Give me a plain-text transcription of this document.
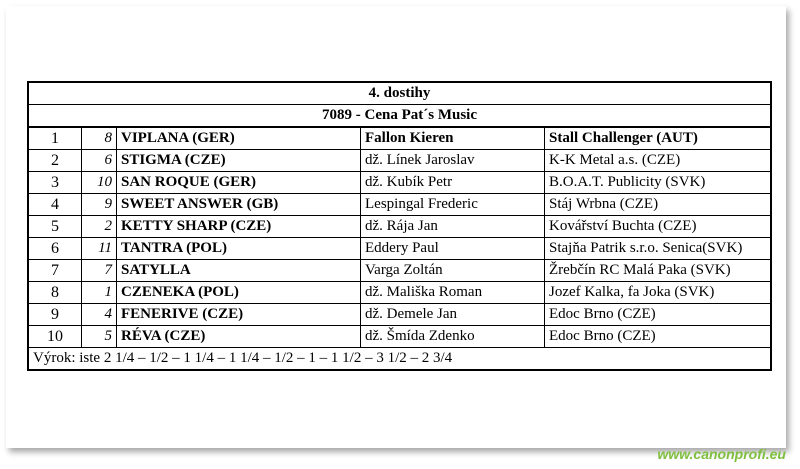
4. dostihy				
7089 - Cena Pat´s Music				
1	8	VIPLANA (GER)	Fallon Kieren	Stall Challenger (AUT)
2	6	STIGMA (CZE)	dž. Línek Jaroslav	K-K Metal a.s. (CZE)
3	10	SAN ROQUE (GER)	dž. Kubík Petr	B.O.A.T. Publicity (SVK)
4	9	SWEET ANSWER (GB)	Lespingal Frederic	Stáj Wrbna (CZE)
5	2	KETTY SHARP (CZE)	dž. Rája Jan	Kovářství Buchta (CZE)
6	11	TANTRA (POL)	Eddery Paul	Stajňa Patrik s.r.o. Senica(SVK)
7	7	SATYLLA	Varga Zoltán	Žrebčín RC Malá Paka (SVK)
8	1	CZENEKA (POL)	dž. Mališka Roman	Jozef Kalka, fa Joka (SVK)
9	4	FENERIVE (CZE)	dž. Demele Jan	Edoc Brno (CZE)
10	5	RÉVA (CZE)	dž. Šmída Zdenko	Edoc Brno (CZE)
Výrok: iste 2 1/4 – 1/2 – 1 1/4 – 1 1/4 – 1/2 – 1 – 1 1/2 – 3 1/2 – 2 3/4				
www.canonprofi.eu
